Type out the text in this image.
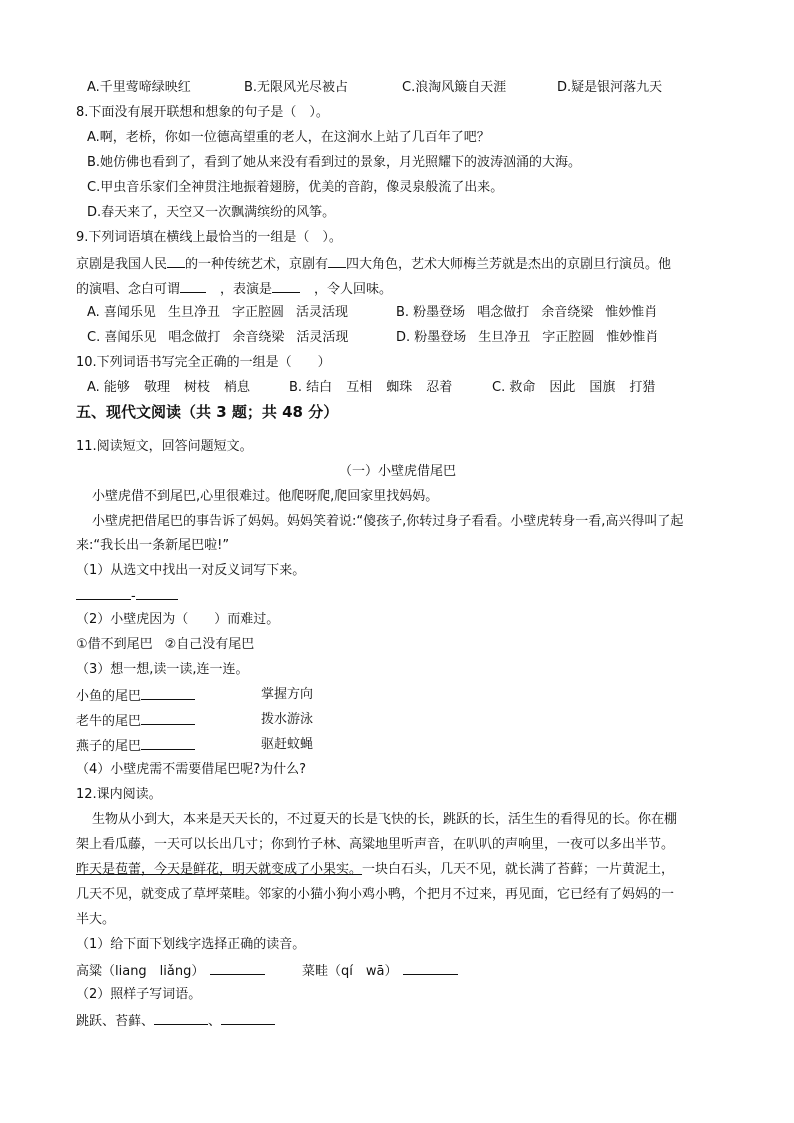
A.千里莺啼绿映红	B.无限风光尽被占	C.浪淘风簸自天涯	D.疑是银河落九天
8.下面没有展开联想和想象的句子是（　）。
A.啊，老桥，你如一位德高望重的老人，在这涧水上站了几百年了吧？
B.她仿佛也看到了，看到了她从来没有看到过的景象，月光照耀下的波涛汹涌的大海。
C.甲虫音乐家们全神贯注地振着翅膀，优美的音韵，像灵泉般流了出来。
D.春天来了，天空又一次飘满缤纷的风筝。
9.下列词语填在横线上最恰当的一组是（　）。
京剧是我国人民 的一种传统艺术，京剧有 四大角色，艺术大师梅兰芳就是杰出的京剧旦行演员。他
的演唱、念白可谓	，表演是	，令人回味。
A. 喜闻乐见 生旦净丑 字正腔圆 活灵活现	B. 粉墨登场 唱念做打 余音绕梁 惟妙惟肖
C. 喜闻乐见 唱念做打 余音绕梁 活灵活现	D. 粉墨登场 生旦净丑 字正腔圆 惟妙惟肖
10.下列词语书写完全正确的一组是（　　）
A. 能够 敬理 树枝 梢息	B. 结白 互相 蜘珠 忍着	C. 救命 因此 国旗 打猎
五、现代文阅读（共 3 题；共 48 分）
11.阅读短文，回答问题短文。
（一）小壁虎借尾巴
小壁虎借不到尾巴,心里很难过。他爬呀爬,爬回家里找妈妈。
小壁虎把借尾巴的事告诉了妈妈。妈妈笑着说:“傻孩子,你转过身子看看。小壁虎转身一看,高兴得叫了起
来:“我长出一条新尾巴啦!”
（1）从选文中找出一对反义词写下来。
-
（2）小壁虎因为（　　）而难过。
①借不到尾巴 ②自己没有尾巴
（3）想一想,读一读,连一连。
小鱼的尾巴	掌握方向
老牛的尾巴	拨水游泳
燕子的尾巴	驱赶蚊蝇
（4）小壁虎需不需要借尾巴呢?为什么?
12.课内阅读。
生物从小到大，本来是天天长的，不过夏天的长是飞快的长，跳跃的长，活生生的看得见的长。你在棚
架上看瓜藤，一天可以长出几寸；你到竹子林、高粱地里听声音，在叭叭的声响里，一夜可以多出半节。
昨天是苞蕾，今天是鲜花，明天就变成了小果实。一块白石头，几天不见，就长满了苔藓；一片黄泥土，
几天不见，就变成了草坪菜畦。邻家的小猫小狗小鸡小鸭，个把月不过来，再见面，它已经有了妈妈的一
半大。
（1）给下面下划线字选择正确的读音。
高粱（liang　liǎng）	菜畦（qí　wā）
（2）照样子写词语。
跳跃、苔藓、	、
